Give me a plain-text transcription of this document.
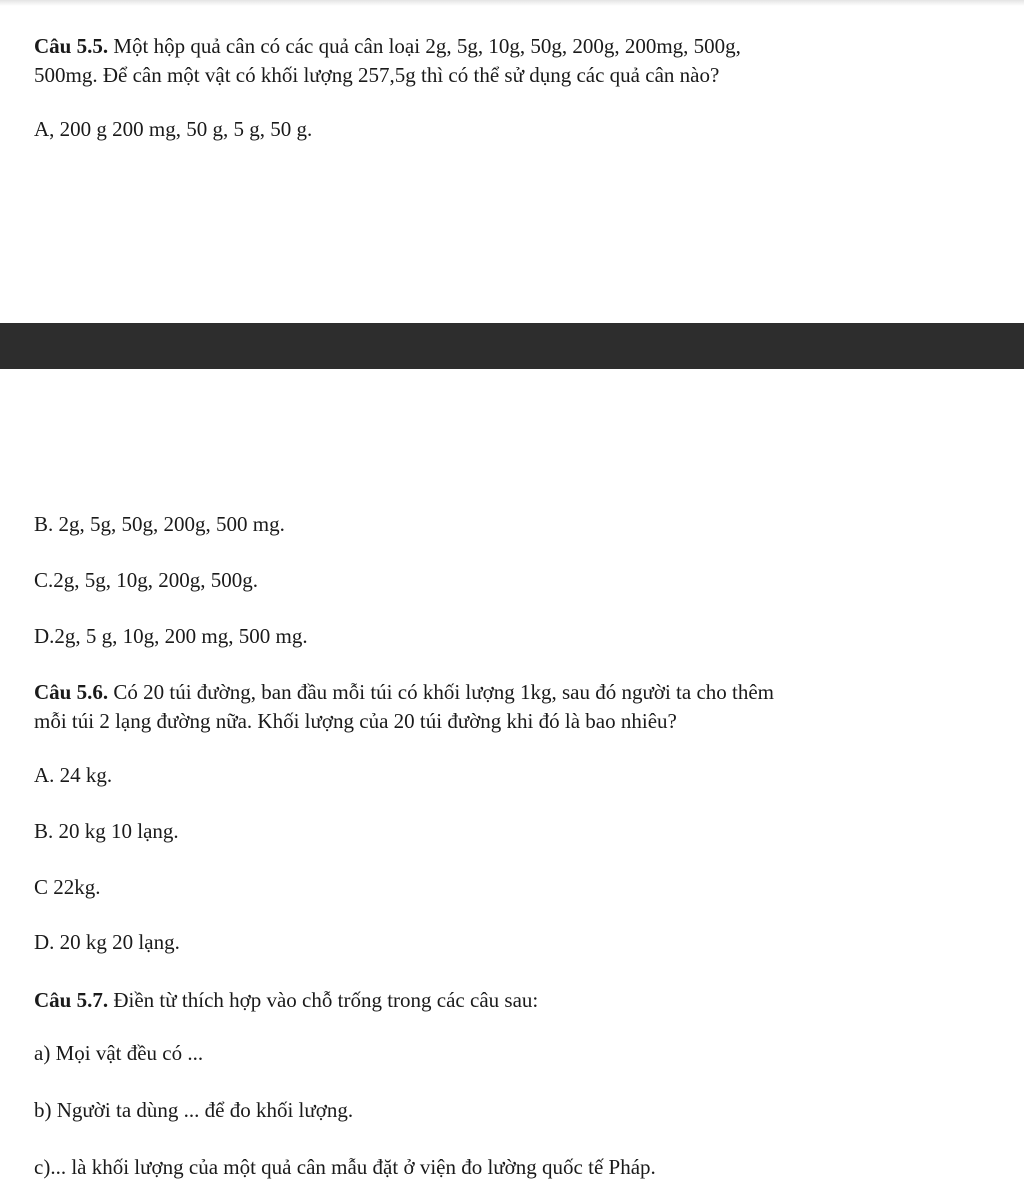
Câu 5.5. Một hộp quả cân có các quả cân loại 2g, 5g, 10g, 50g, 200g, 200mg, 500g,
500mg. Để cân một vật có khối lượng 257,5g thì có thể sử dụng các quả cân nào?
A, 200 g 200 mg, 50 g, 5 g, 50 g.
B. 2g, 5g, 50g, 200g, 500 mg.
C.2g, 5g, 10g, 200g, 500g.
D.2g, 5 g, 10g, 200 mg, 500 mg.
Câu 5.6. Có 20 túi đường, ban đầu mỗi túi có khối lượng 1kg, sau đó người ta cho thêm
mỗi túi 2 lạng đường nữa. Khối lượng của 20 túi đường khi đó là bao nhiêu?
A. 24 kg.
B. 20 kg 10 lạng.
C 22kg.
D. 20 kg 20 lạng.
Câu 5.7. Điền từ thích hợp vào chỗ trống trong các câu sau:
a) Mọi vật đều có ...
b) Người ta dùng ... để đo khối lượng.
c)... là khối lượng của một quả cân mẫu đặt ở viện đo lường quốc tế Pháp.
